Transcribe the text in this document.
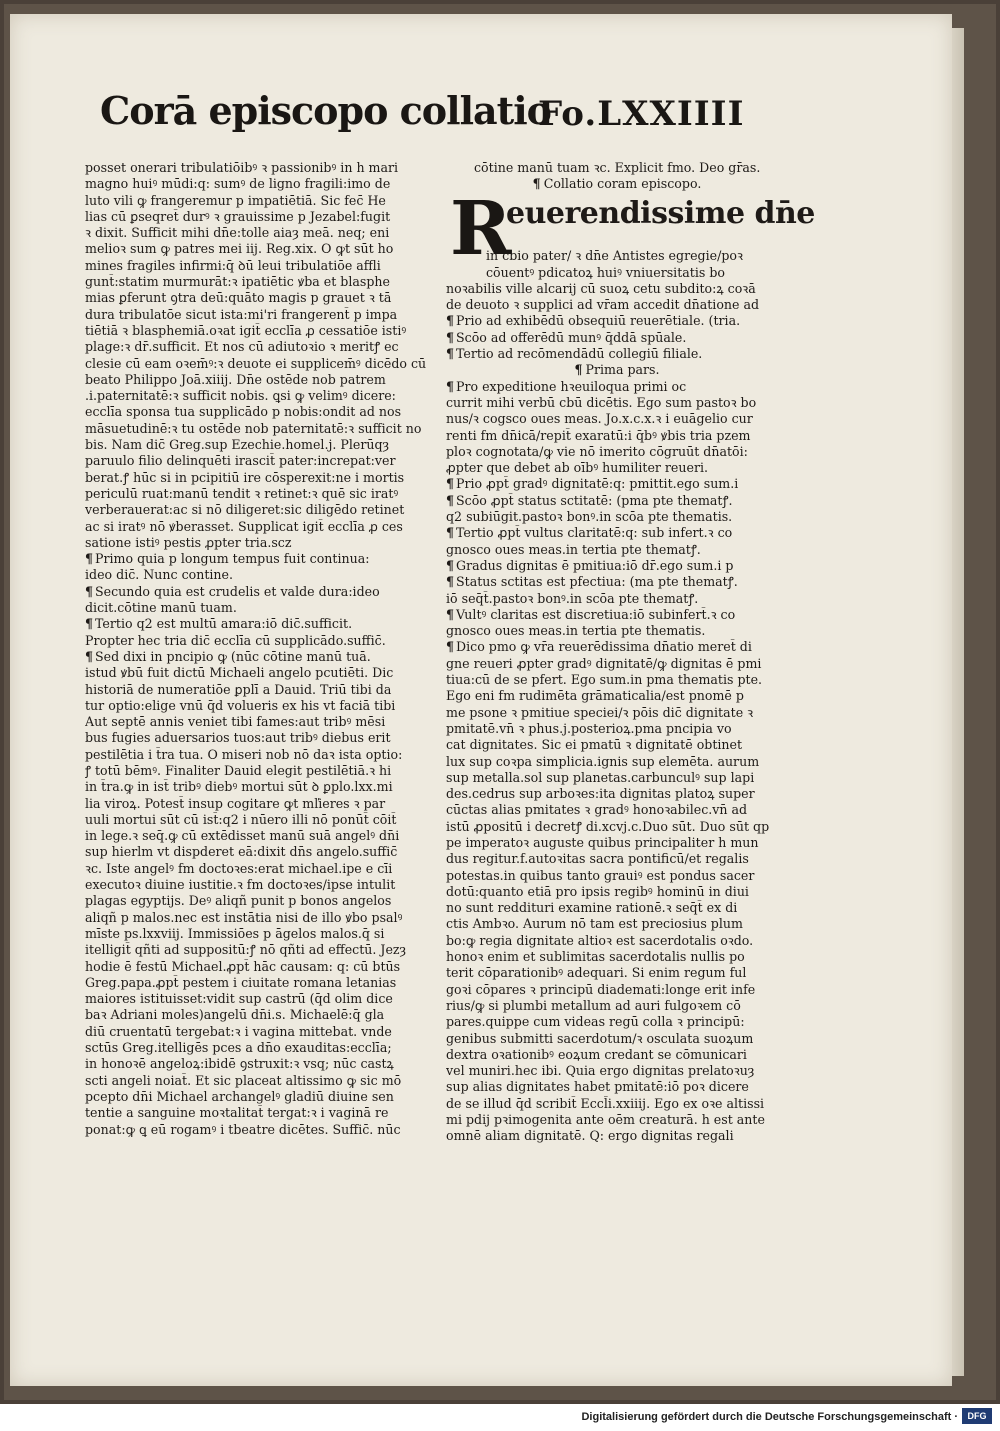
Corā episcopo collatio
Fo.LXXIIII
posset onerari tribulatiōibꝰ ꝛ passionibꝰ in h mari
magno huiꝰ mūdi:q: sumꝰ de ligno fragili:imo de
luto vili ꝙ frangeremur p impatiētiā. Sic fec̄ He
lias cū ꝑseqret̄ durꝰ ꝛ grauissime p Jezabel:fugit
ꝛ dixit. Sufficit mihi dn̄e:tolle aiaȝ meā. neq; eni
melioꝛ sum ꝙ patres mei iij. Reg.xix. O ꝙt sūt ho
mines fragiles infirmi:q̄ ꝺū leui tribulatiōe affli
gunt̄:statim murmurāt:ꝛ ipatiētic ꝟba et blasphe
mias ꝑferunt ꝯtra deū:quāto magis p grauet ꝛ tā
dura tribulatōe sicut ista:mi'ri frangerent̄ p impa
tiētiā ꝛ blasphemiā.oꝛat igit̄ ecclīa ꝓ cessatiōe istiꝰ
plage:ꝛ dr̄.sufficit. Et nos cū adiutoꝛio ꝛ meritꝭ ec
clesie cū eam oꝛem̄ꝰ:ꝛ deuote ei supplicem̄ꝰ dicēdo cū
beato Philippo Joā.xiiij. Dn̄e ostēde nob patrem
.i.paternitatē:ꝛ sufficit nobis. ꝗsi ꝙ velimꝰ dicere:
ecclīa sponsa tua supplicādo p nobis:ondit ad nos
māsuetudinē:ꝛ tu ostēde nob paternitatē:ꝛ sufficit no
bis. Nam dic̄ Greg.sup Ezechie.homel.j. Plerūqȝ
paruulo filio delinquēti irascit̄ pater:increpat:ver
berat.ꝭ hūc si in pcipitiū ire cōsperexit:ne i mortis
periculū ruat:manū tendit ꝛ retinet:ꝛ quē sic iratꝰ
verberauerat:ac si nō diligeret:sic diligēdo retinet
ac si iratꝰ nō ꝟberasset. Supplicat igit̄ ecclīa ꝓ ces
satione istiꝰ pestis ꝓpter tria.scz
¶ Primo quia p longum tempus fuit continua:
ideo dic̄. Nunc contine.
¶ Secundo quia est crudelis et valde dura:ideo
dicit.cōtine manū tuam.
¶ Tertio q2 est multū amara:iō dic̄.sufficit.
Propter hec tria dic̄ ecclīa cū supplicādo.suffic̄.
¶ Sed dixi in pncipio ꝙ (nūc cōtine manū tuā.
istud ꝟbū fuit dictū Michaeli angelo pcutiēti. Dic
historiā de numeratiōe ꝑplī a Dauid. Triū tibi da
tur optio:elige vnū q̄d volueris ex his vt faciā tibi
Aut septē annis veniet tibi fames:aut tribꝰ mēsi
bus fugies aduersarios tuos:aut tribꝰ diebus erit
pestilētia i t̄ra tua. O miseri nob nō daꝛ ista optio:
ꝭ totū bēmꝰ. Finaliter Dauid elegit pestilētiā.ꝛ hi
in t̄ra.ꝙ in ist̄ tribꝰ diebꝰ mortui sūt ꝺ ꝑplo.lxx.mi
lia viroꝝ. Potest̄ insup cogitare ꝙt mľieres ꝛ par
uuli mortui sūt cū ist̄:q2 i nūero illi nō ponūt̄ cōit̄
in lege.ꝛ seq̄.ꝙ cū extēdisset manū suā angelꝰ dn̄i
sup hierlm vt dispderet eā:dixit dn̄s angelo.suffic̄
ꝛc. Iste angelꝰ fm doctoꝛes:erat michael.ipe e cīi
executoꝛ diuine iustitie.ꝛ fm doctoꝛes/ipse intulit
plagas egyptijs. Deꝰ aliqñ punit p bonos angelos
aliqñ p malos.nec est instātia nisi de illo ꝟbo psalꝰ
mīste ps.lxxviij. Immissiōes p āgelos malos.q̄ si
itelligit̄ qñti ad suppositū:ꝭ nō qñti ad effectū. Jezȝ
hodie ē festū Michael.ꝓpt̄ hāc causam: q: cū btūs
Greg.papa.ꝓpt̄ pestem i ciuitate romana letanias
maiores istituisset:vidit sup castrū (q̄d olim dice
baꝛ Adriani moles)angelū dn̄i.s. Michaelē:q̄ gla
diū cruentatū tergebat:ꝛ i vagina mittebat. vnde
sctūs Greg.itelligēs pces a dn̄o exauditas:ecclīa;
in honoꝛē angeloꝝ:ibidē ꝯstruxit:ꝛ vsq; nūc castꝝ
scti angeli noiat̄. Et sic placeat altissimo ꝙ sic mō
pcepto dn̄i Michael archangelꝰ gladiū diuine sen
tentie a sanguine moꝛtalitat̄ tergat:ꝛ i vaginā re
ponat:ꝙ ꝗ eū rogamꝰ i tbeatre dicētes. Suffic̄. nūc
cōtine manū tuam ꝛc. Explicit fmo. Deo gr̄as.
¶ Collatio coram episcopo.
R
euerendissime dn̄e
in cbio pater/ ꝛ dn̄e Antistes egregie/poꝛ
cōuentꝰ pdicatoꝝ huiꝰ vniuersitatis bo
noꝛabilis ville alcarij cū suoꝝ cetu subdito:ꝝ coꝛā
de deuoto ꝛ supplici ad vr̄am accedit dn̄atione ad
¶ Prio ad exhibēdū obsequiū reuerētiale. (tria.
¶ Scōo ad offerēdū munꝰ q̄ddā spūale.
¶ Tertio ad recōmendādū collegiū filiale.
¶ Prima pars.
¶ Pro expeditione hꝛeuiloqua primi oc
currit mihi verbū cbū dicētis. Ego sum pastoꝛ bo
nus/ꝛ cogsco oues meas. Jo.x.c.x.ꝛ i euāgelio cur
renti fm dn̄icā/repit̄ exaratū:i q̄bꝰ ꝟbis tria pzem
ploꝛ cognotata/ꝙ vie nō imerito cōgruūt dn̄atōi:
ꝓpter que debet ab oībꝰ humiliter reueri.
¶ Prio ꝓpt̄ gradꝰ dignitatē:q: pmittit.ego sum.i
¶ Scōo ꝓpt̄ status sctitatē: (pma pte thematꝭ.
q2 subiūgit.pastoꝛ bonꝰ.in scōa pte thematis.
¶ Tertio ꝓpt̄ vultus claritatē:q: sub infert.ꝛ co
gnosco oues meas.in tertia pte thematꝭ.
¶ Gradus dignitas ē pmitiua:iō dr̄.ego sum.i p
¶ Status sctitas est pfectiua: (ma pte thematꝭ.
iō seq̄t̄.pastoꝛ bonꝰ.in scōa pte thematꝭ.
¶ Vultꝰ claritas est discretiua:iō subinfert̄.ꝛ co
gnosco oues meas.in tertia pte thematis.
¶ Dico pmo ꝙ vr̄a reuerēdissima dn̄atio meret̄ di
gne reueri ꝓpter gradꝰ dignitatē/ꝙ dignitas ē pmi
tiua:cū de se pfert. Ego sum.in pma thematis pte.
Ego eni fm rudimēta grāmaticalia/est pnomē p
me psone ꝛ pmitiue speciei/ꝛ pōis dic̄ dignitate ꝛ
pmitatē.vn̄ ꝛ phus.j.posterioꝝ.pma pncipia vo
cat dignitates. Sic ei pmatū ꝛ dignitatē obtinet
lux sup coꝛpa simplicia.ignis sup elemēta. aurum
sup metalla.sol sup planetas.carbunculꝰ sup lapi
des.cedrus sup arboꝛes:ita dignitas platoꝝ super
cūctas alias pmitates ꝛ gradꝰ honoꝛabilec.vn̄ ad
istū ꝓpositū i decretꝭ di.xcvj.c.Duo sūt. Duo sūt qp
pe imperatoꝛ auguste quibus principaliter h mun
dus regitur.f.autoꝛitas sacra pontificū/et regalis
potestas.in quibus tanto grauiꝰ est pondus sacer
dotū:quanto etiā pro ipsis regibꝰ hominū in diui
no sunt reddituri examine rationē.ꝛ seq̄t̄ ex di
ctis Ambꝛo. Aurum nō tam est preciosius plum
bo:ꝙ regia dignitate altioꝛ est sacerdotalis oꝛdo.
honoꝛ enim et sublimitas sacerdotalis nullis po
terit cōparationibꝰ adequari. Si enim regum ful
goꝛi cōpares ꝛ principū diademati:longe erit infe
rius/ꝙ si plumbi metallum ad auri fulgoꝛem cō
pares.quippe cum videas regū colla ꝛ principū:
genibus submitti sacerdotum/ꝛ osculata suoꝝum
dextra oꝛationibꝰ eoꝝum credant se cōmunicari
vel muniri.hec ibi. Quia ergo dignitas prelatoꝛuȝ
sup alias dignitates habet pmitatē:iō poꝛ dicere
de se illud q̄d scribit̄ Eccl̄i.xxiiij. Ego ex oꝛe altissi
mi pdij pꝛimogenita ante oēm creaturā. h est ante
omnē aliam dignitatē. Q: ergo dignitas regali
Digitalisierung gefördert durch die Deutsche Forschungsgemeinschaft ·	DFG
